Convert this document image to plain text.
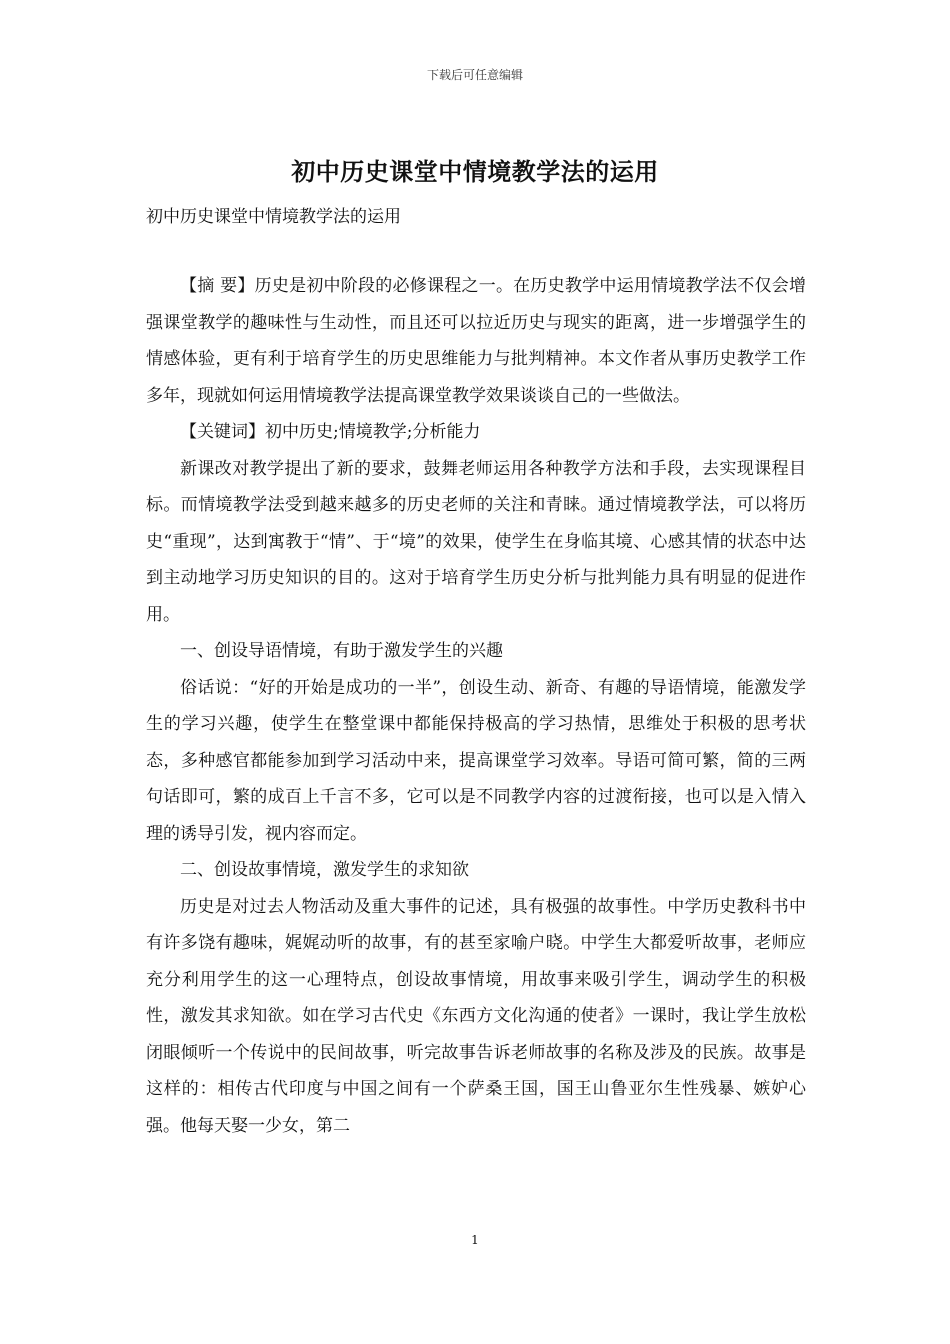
下载后可任意编辑
初中历史课堂中情境教学法的运用
初中历史课堂中情境教学法的运用

【摘 要】历史是初中阶段的必修课程之一。在历史教学中运用情境教学法不仅会增强课堂教学的趣味性与生动性，而且还可以拉近历史与现实的距离，进一步增强学生的情感体验，更有利于培育学生的历史思维能力与批判精神。本文作者从事历史教学工作多年，现就如何运用情境教学法提高课堂教学效果谈谈自己的一些做法。

【关键词】初中历史;情境教学;分析能力

新课改对教学提出了新的要求，鼓舞老师运用各种教学方法和手段，去实现课程目标。而情境教学法受到越来越多的历史老师的关注和青睐。通过情境教学法，可以将历史“重现”，达到寓教于“情”、于“境”的效果，使学生在身临其境、心感其情的状态中达到主动地学习历史知识的目的。这对于培育学生历史分析与批判能力具有明显的促进作用。

一、创设导语情境，有助于激发学生的兴趣

俗话说：“好的开始是成功的一半”，创设生动、新奇、有趣的导语情境，能激发学生的学习兴趣，使学生在整堂课中都能保持极高的学习热情，思维处于积极的思考状态，多种感官都能参加到学习活动中来，提高课堂学习效率。导语可简可繁，简的三两句话即可，繁的成百上千言不多，它可以是不同教学内容的过渡衔接，也可以是入情入理的诱导引发，视内容而定。

二、创设故事情境，激发学生的求知欲

历史是对过去人物活动及重大事件的记述，具有极强的故事性。中学历史教科书中有许多饶有趣味，娓娓动听的故事，有的甚至家喻户晓。中学生大都爱听故事，老师应充分利用学生的这一心理特点，创设故事情境，用故事来吸引学生，调动学生的积极性，激发其求知欲。如在学习古代史《东西方文化沟通的使者》一课时，我让学生放松闭眼倾听一个传说中的民间故事，听完故事告诉老师故事的名称及涉及的民族。故事是这样的：相传古代印度与中国之间有一个萨桑王国，国王山鲁亚尔生性残暴、嫉妒心强。他每天娶一少女，第二

1
